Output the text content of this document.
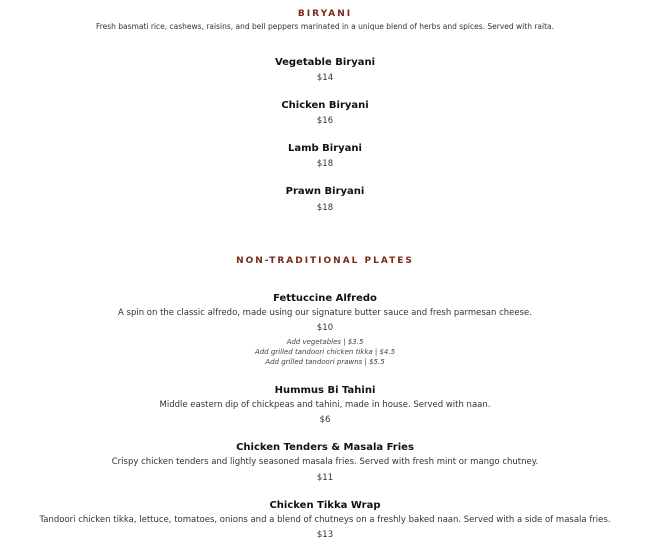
BIRYANI
Fresh basmati rice, cashews, raisins, and bell peppers marinated in a unique blend of herbs and spices. Served with raita.
Vegetable Biryani
$14
Chicken Biryani
$16
Lamb Biryani
$18
Prawn Biryani
$18
NON-TRADITIONAL PLATES
Fettuccine Alfredo
A spin on the classic alfredo, made using our signature butter sauce and fresh parmesan cheese.
$10
Add vegetables | $3.5
Add grilled tandoori chicken tikka | $4.5
Add grilled tandoori prawns | $5.5
Hummus Bi Tahini
Middle eastern dip of chickpeas and tahini, made in house. Served with naan.
$6
Chicken Tenders & Masala Fries
Crispy chicken tenders and lightly seasoned masala fries. Served with fresh mint or mango chutney.
$11
Chicken Tikka Wrap
Tandoori chicken tikka, lettuce, tomatoes, onions and a blend of chutneys on a freshly baked naan. Served with a side of masala fries.
$13
